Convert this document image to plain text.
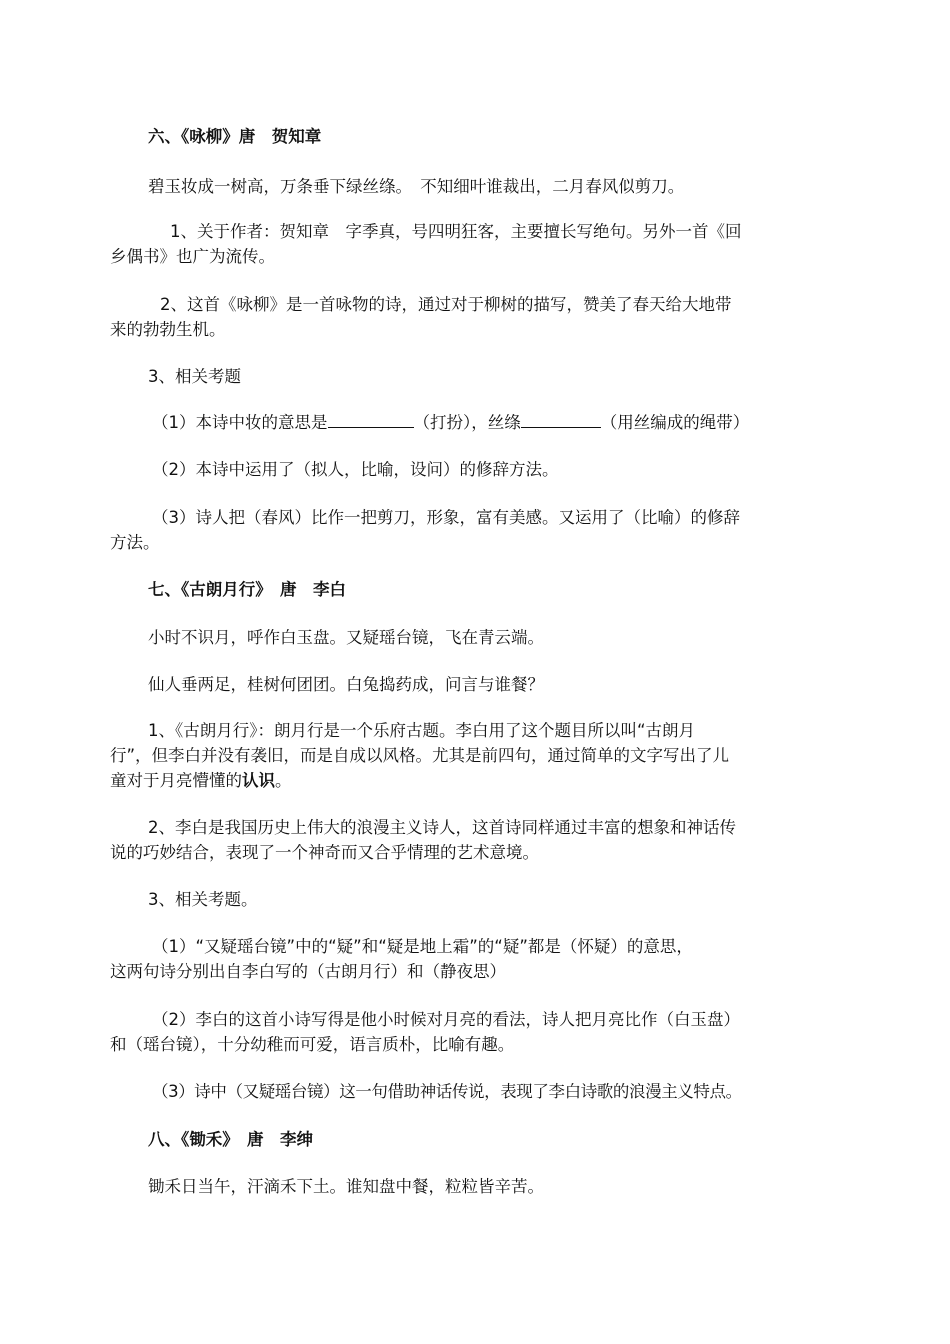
六、《咏柳》唐　贺知章

碧玉妆成一树高，万条垂下绿丝绦。　不知细叶谁裁出，二月春风似剪刀。

1、关于作者：贺知章　字季真，号四明狂客，主要擅长写绝句。另外一首《回

乡偶书》也广为流传。

2、这首《咏柳》是一首咏物的诗，通过对于柳树的描写，赞美了春天给大地带

来的勃勃生机。

3、相关考题

（1）本诗中妆的意思是	（打扮），丝绦	（用丝编成的绳带）

（2）本诗中运用了（拟人，比喻，设问）的修辞方法。

（3）诗人把（春风）比作一把剪刀，形象，富有美感。又运用了（比喻）的修辞

方法。

七、《古朗月行》　唐　李白

小时不识月，呼作白玉盘。又疑瑶台镜，飞在青云端。

仙人垂两足，桂树何团团。白兔捣药成，问言与谁餐？

1、《古朗月行》：朗月行是一个乐府古题。李白用了这个题目所以叫“古朗月

行”，但李白并没有袭旧，而是自成以风格。尤其是前四句，通过简单的文字写出了儿

童对于月亮懵懂的认识。

2、李白是我国历史上伟大的浪漫主义诗人，这首诗同样通过丰富的想象和神话传

说的巧妙结合，表现了一个神奇而又合乎情理的艺术意境。

3、相关考题。

（1）“又疑瑶台镜”中的“疑”和“疑是地上霜”的“疑”都是（怀疑）的意思，

这两句诗分别出自李白写的（古朗月行）和（静夜思）

（2）李白的这首小诗写得是他小时候对月亮的看法，诗人把月亮比作（白玉盘）

和（瑶台镜），十分幼稚而可爱，语言质朴，比喻有趣。

（3）诗中（又疑瑶台镜）这一句借助神话传说，表现了李白诗歌的浪漫主义特点。

八、《锄禾》　唐　李绅

锄禾日当午，汗滴禾下土。谁知盘中餐，粒粒皆辛苦。
